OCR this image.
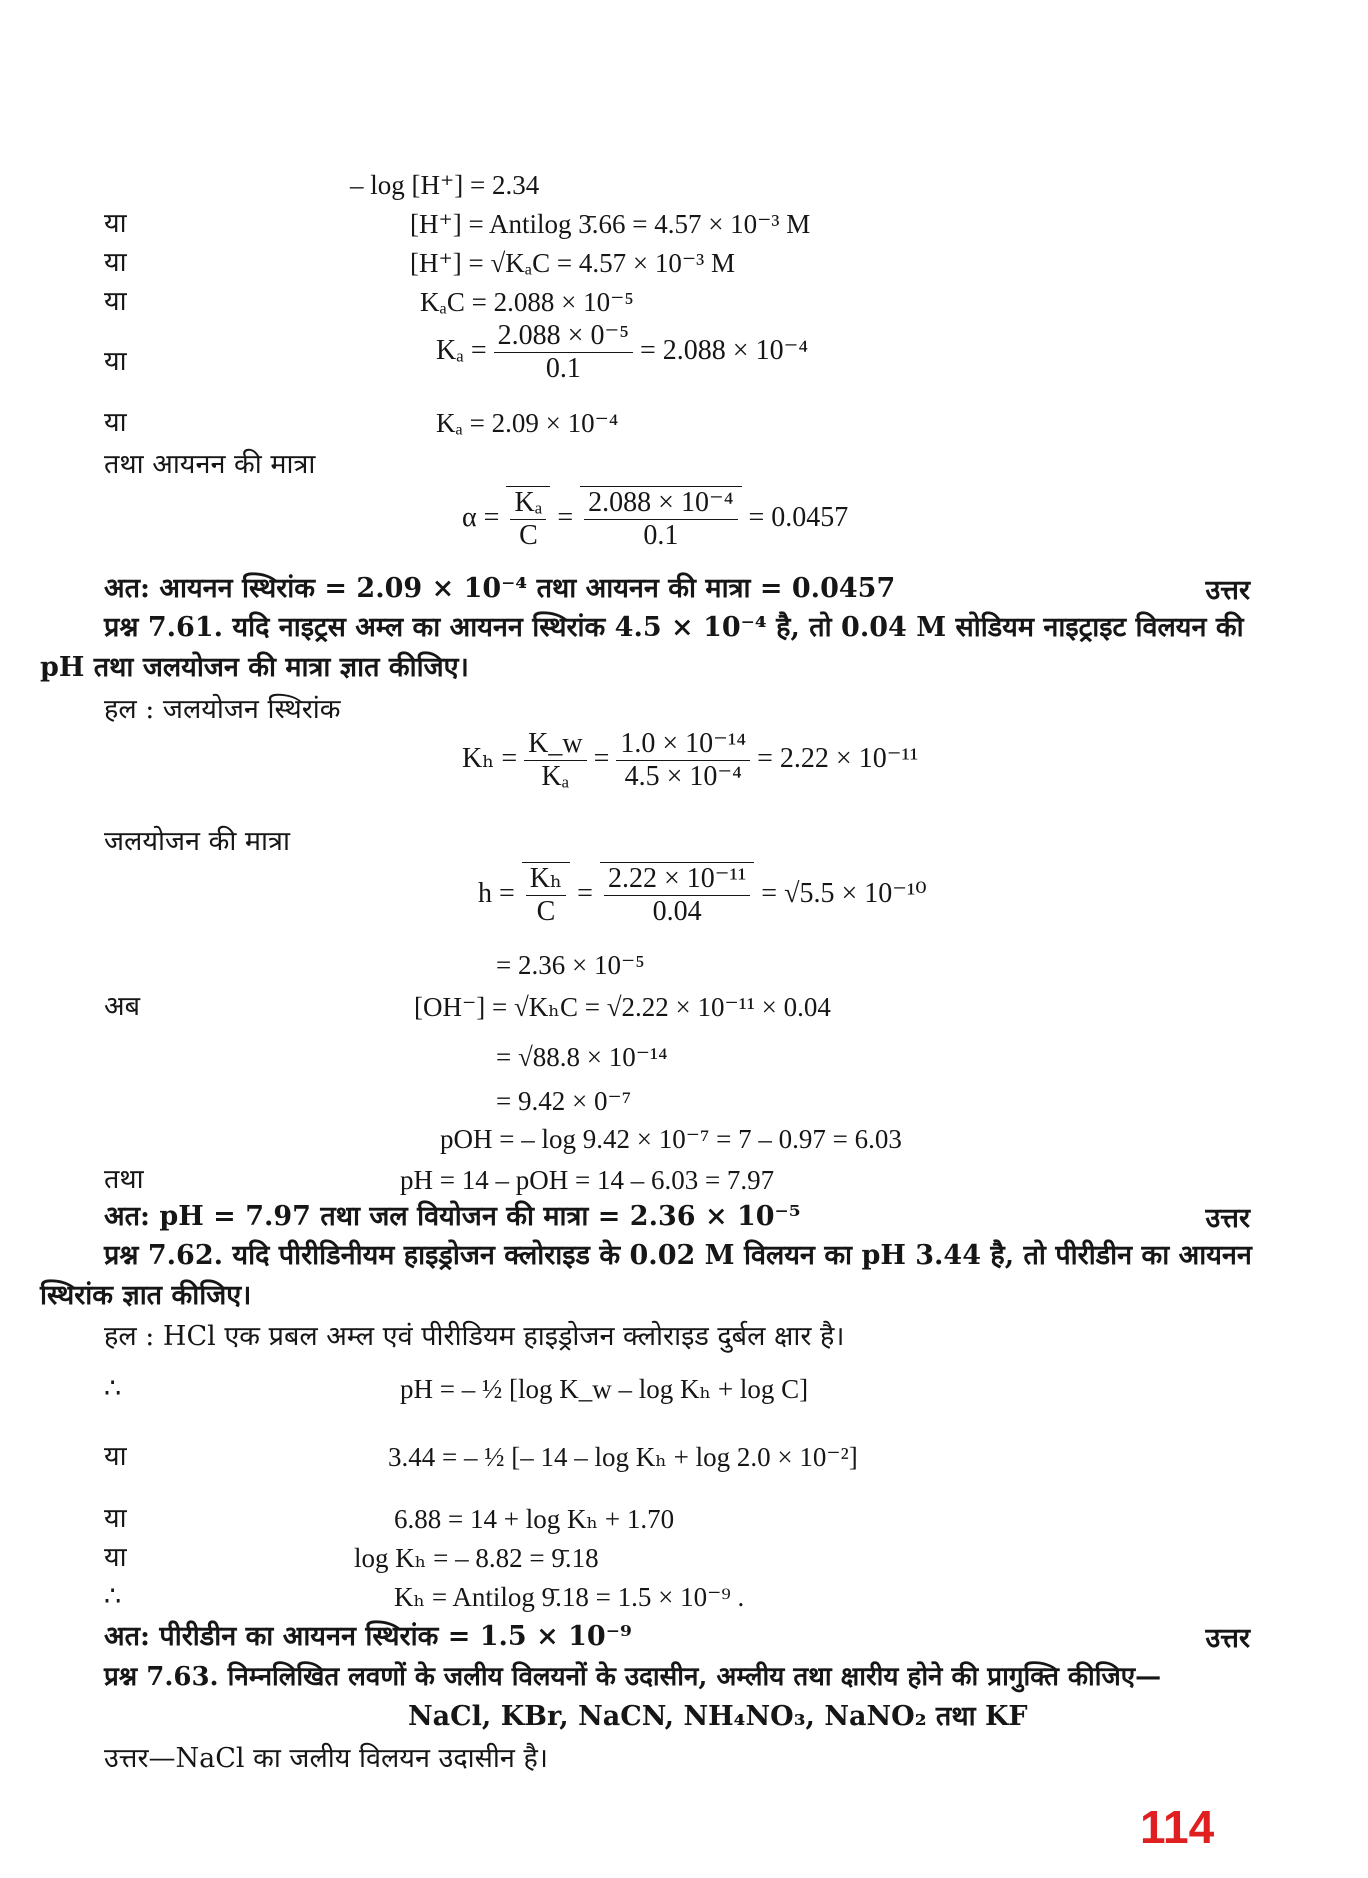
– log [H⁺] = 2.34
या	[H⁺] = Antilog 3̄.66 = 4.57 × 10⁻³ M
या	[H⁺] = √KₐC = 4.57 × 10⁻³ M
या	KₐC = 2.088 × 10⁻⁵
या	$K_a = \frac{\text{2.088 × 0⁻⁵}}{0.1} = 2.088 \times 10^{-4}$
या	Kₐ = 2.09 × 10⁻⁴
तथा आयनन की मात्रा
$\alpha = \frac{\text{Kₐ}}{C} = \frac{\text{2.088 × 10⁻⁴}}{0.1} = 0.0457$
अत: आयनन स्थिरांक = 2.09 × 10⁻⁴ तथा आयनन की मात्रा = 0.0457	उत्तर
प्रश्न 7.61. यदि नाइट्रस अम्ल का आयनन स्थिरांक 4.5 × 10⁻⁴ है, तो 0.04 M सोडियम नाइट्राइट विलयन की pH तथा जलयोजन की मात्रा ज्ञात कीजिए।
हल : जलयोजन स्थिरांक
$K_h = \frac{K\_w}{\text{Kₐ}} = \frac{\text{1.0 × 10⁻¹⁴}}{\text{4.5 × 10⁻⁴}} = 2.22 \times 10^{-11}$
जलयोजन की मात्रा
$h = \frac{\text{Kₕ}}{C} = \frac{\text{2.22 × 10⁻¹¹}}{0.04} = √5.5 \times 10^{-10}$
= 2.36 × 10⁻⁵
अब	[OH⁻] = √KₕC = √2.22 × 10⁻¹¹ × 0.04
= √88.8 × 10⁻¹⁴
= 9.42 × 0⁻⁷
pOH = – log 9.42 × 10⁻⁷ = 7 – 0.97 = 6.03
तथा	pH = 14 – pOH = 14 – 6.03 = 7.97
अत: pH = 7.97 तथा जल वियोजन की मात्रा = 2.36 × 10⁻⁵	उत्तर
प्रश्न 7.62. यदि पीरीडिनीयम हाइड्रोजन क्लोराइड के 0.02 M विलयन का pH 3.44 है, तो पीरीडीन का आयनन स्थिरांक ज्ञात कीजिए।
हल : HCl एक प्रबल अम्ल एवं पीरीडियम हाइड्रोजन क्लोराइड दुर्बल क्षार है।
∴	pH = – ½ [log K_w – log Kₕ + log C]
या	3.44 = – ½ [– 14 – log Kₕ + log 2.0 × 10⁻²]
या	6.88 = 14 + log Kₕ + 1.70
या	log Kₕ = – 8.82 = 9̄.18
∴	Kₕ = Antilog 9̄.18 = 1.5 × 10⁻⁹ .
अत: पीरीडीन का आयनन स्थिरांक = 1.5 × 10⁻⁹	उत्तर
प्रश्न 7.63. निम्नलिखित लवणों के जलीय विलयनों के उदासीन, अम्लीय तथा क्षारीय होने की प्रागुक्ति कीजिए—
NaCl, KBr, NaCN, NH₄NO₃, NaNO₂ तथा KF
उत्तर—NaCl का जलीय विलयन उदासीन है।
114
